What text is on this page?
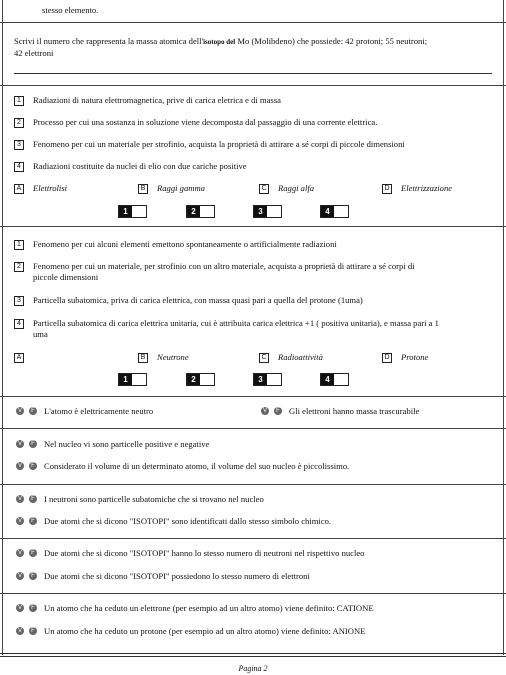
stesso elemento.
Scrivi il numero che rappresenta la massa atomica dell'isotopo del Mo (Molibdeno) che possiede: 42 protoni; 55 neutroni;
42 elettroni
1	Radiazioni di natura elettromagnetica, prive di carica eletrica e di massa
2	Processo per cui una sostanza in soluzione viene decomposta dal passaggio di una corrente elettrica.
3	Fenomeno per cui un materiale per strofinio, acquista la proprietà di attirare a sé corpi di piccole dimensioni
4	Radiazioni costituite da nuclei di elio con due cariche positive
A	Elettrolisi	B	Raggi gamma	C Raggi alfa	D Elettrizzazione
1	2	3	4
1	Fenomeno per cui alcuni elementi emettono spontaneamente o artificialmente radiazioni
2	Fenomeno per cui un materiale, per strofinio con un altro materiale, acquista a proprietà di attirare a sé corpi di
piccole dimensioni
3	Particella subatomica, priva di carica elettrica, con massa quasi pari a quella del protone (1uma)
4	Particella subatomica di carica elettrica unitaria, cui è attribuita carica elettrica +1 ( positiva unitaria), e massa pari a 1
uma
A	B	Neutrone	C Radioattività	D Protone
1	2	3	4
V	F L'atomo è elettricamente neutro	V	F Gli elettroni hanno massa trascurabile
V	F Nel nucleo vi sono particelle positive e negative
V	F Considerato il volume di un determinato atomo, il volume del suo nucleo è piccolissimo.
V	F I neutroni sono particelle subatomiche che si trovano nel nucleo
V	F Due atomi che si dicono "ISOTOPI" sono identificati dallo stesso simbolo chimico.
V	F Due atomi che si dicono "ISOTOPI" hanno lo stesso numero di neutroni nel rispettivo nucleo
V	F Due atomi che si dicono "ISOTOPI" possiedono lo stesso numero di elettroni
V	F Un atomo che ha ceduto un elettrone (per esempio ad un altro atomo) viene definito: CATIONE
V	F Un atomo che ha ceduto un protone (per esempio ad un altro atomo) viene definito: ANIONE
Pagina 2
